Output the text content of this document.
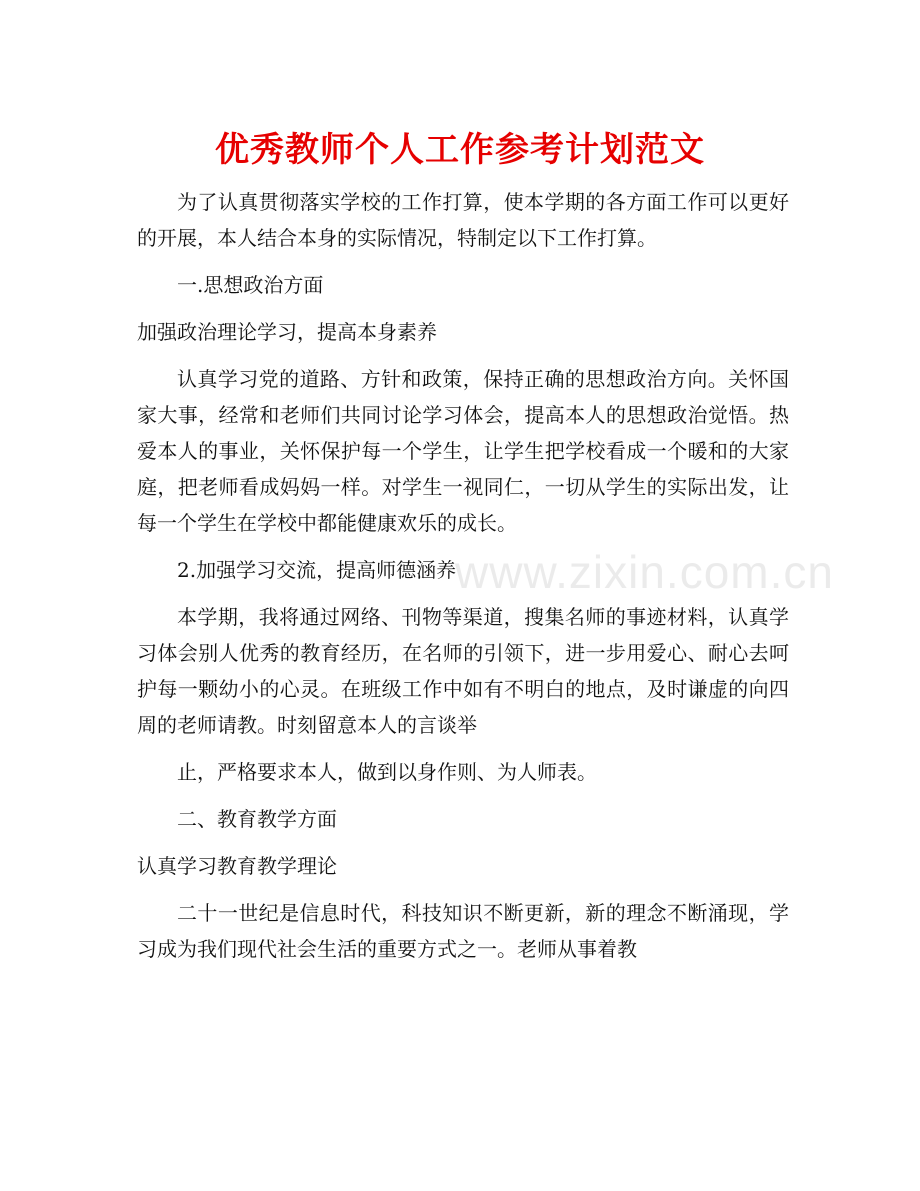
优秀教师个人工作参考计划范文

为了认真贯彻落实学校的工作打算，使本学期的各方面工作可以更好的开展，本人结合本身的实际情况，特制定以下工作打算。

一.思想政治方面

加强政治理论学习，提高本身素养

认真学习党的道路、方针和政策，保持正确的思想政治方向。关怀国家大事，经常和老师们共同讨论学习体会，提高本人的思想政治觉悟。热爱本人的事业，关怀保护每一个学生，让学生把学校看成一个暖和的大家庭，把老师看成妈妈一样。对学生一视同仁，一切从学生的实际出发，让每一个学生在学校中都能健康欢乐的成长。

2.加强学习交流，提高师德涵养

本学期，我将通过网络、刊物等渠道，搜集名师的事迹材料，认真学习体会别人优秀的教育经历，在名师的引领下，进一步用爱心、耐心去呵护每一颗幼小的心灵。在班级工作中如有不明白的地点，及时谦虚的向四周的老师请教。时刻留意本人的言谈举

止，严格要求本人，做到以身作则、为人师表。

二、教育教学方面

认真学习教育教学理论

二十一世纪是信息时代，科技知识不断更新，新的理念不断涌现，学习成为我们现代社会生活的重要方式之一。老师从事着教

www.zixin.com.cn
